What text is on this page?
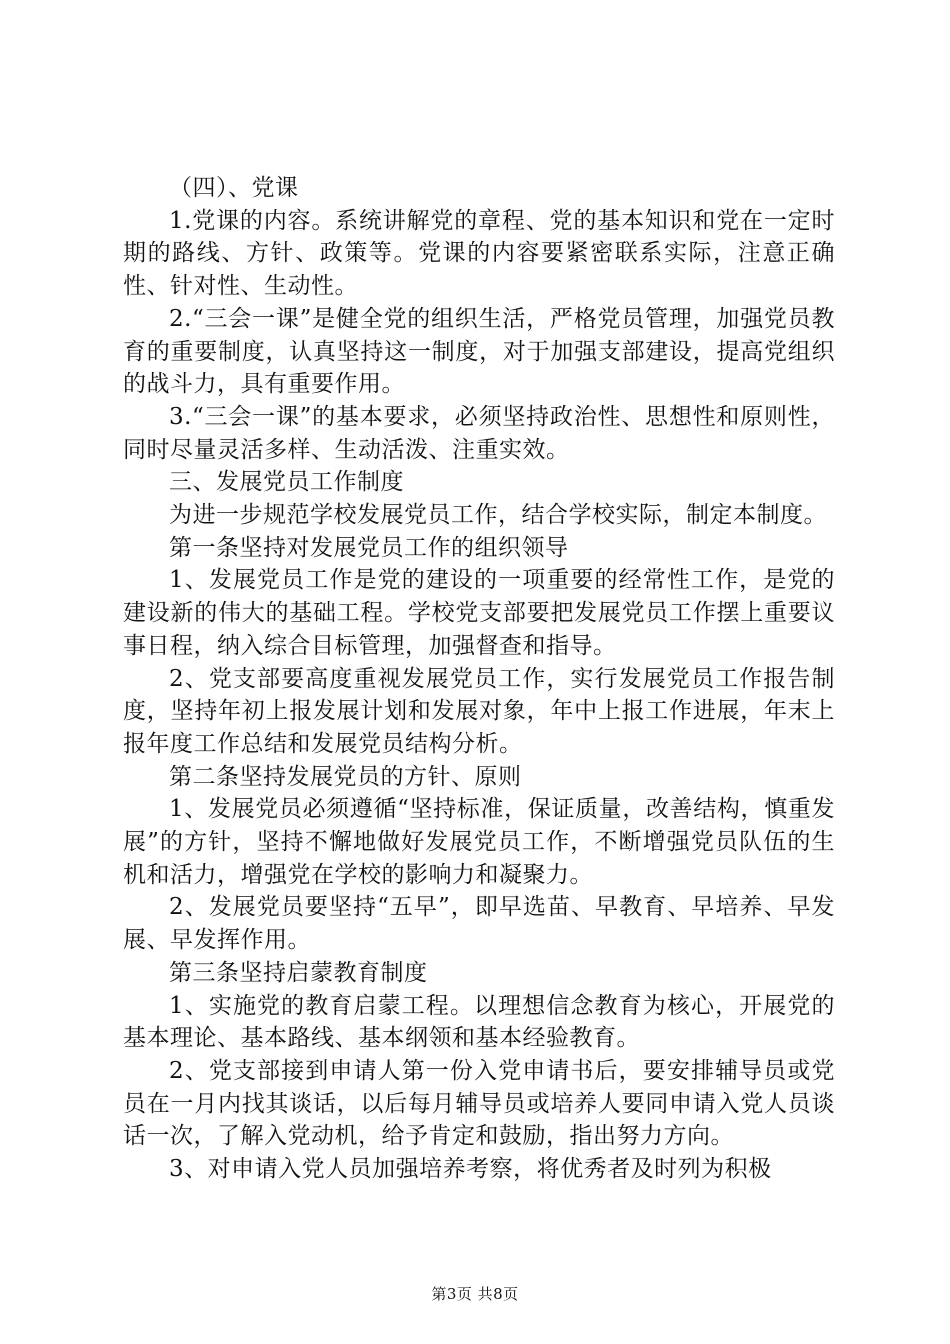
（四）、党课

1.党课的内容。系统讲解党的章程、党的基本知识和党在一定时期的路线、方针、政策等。党课的内容要紧密联系实际，注意正确性、针对性、生动性。

2.“三会一课”是健全党的组织生活，严格党员管理，加强党员教育的重要制度，认真坚持这一制度，对于加强支部建设，提高党组织的战斗力，具有重要作用。

3.“三会一课”的基本要求，必须坚持政治性、思想性和原则性，同时尽量灵活多样、生动活泼、注重实效。

三、发展党员工作制度

为进一步规范学校发展党员工作，结合学校实际，制定本制度。

第一条坚持对发展党员工作的组织领导

1、发展党员工作是党的建设的一项重要的经常性工作，是党的建设新的伟大的基础工程。学校党支部要把发展党员工作摆上重要议事日程，纳入综合目标管理，加强督查和指导。

2、党支部要高度重视发展党员工作，实行发展党员工作报告制度，坚持年初上报发展计划和发展对象，年中上报工作进展，年末上报年度工作总结和发展党员结构分析。

第二条坚持发展党员的方针、原则

1、发展党员必须遵循“坚持标准，保证质量，改善结构，慎重发展”的方针，坚持不懈地做好发展党员工作，不断增强党员队伍的生机和活力，增强党在学校的影响力和凝聚力。

2、发展党员要坚持“五早”，即早选苗、早教育、早培养、早发展、早发挥作用。

第三条坚持启蒙教育制度

1、实施党的教育启蒙工程。以理想信念教育为核心，开展党的基本理论、基本路线、基本纲领和基本经验教育。

2、党支部接到申请人第一份入党申请书后，要安排辅导员或党员在一月内找其谈话，以后每月辅导员或培养人要同申请入党人员谈话一次，了解入党动机，给予肯定和鼓励，指出努力方向。

3、对申请入党人员加强培养考察，将优秀者及时列为积极

第3页 共8页
